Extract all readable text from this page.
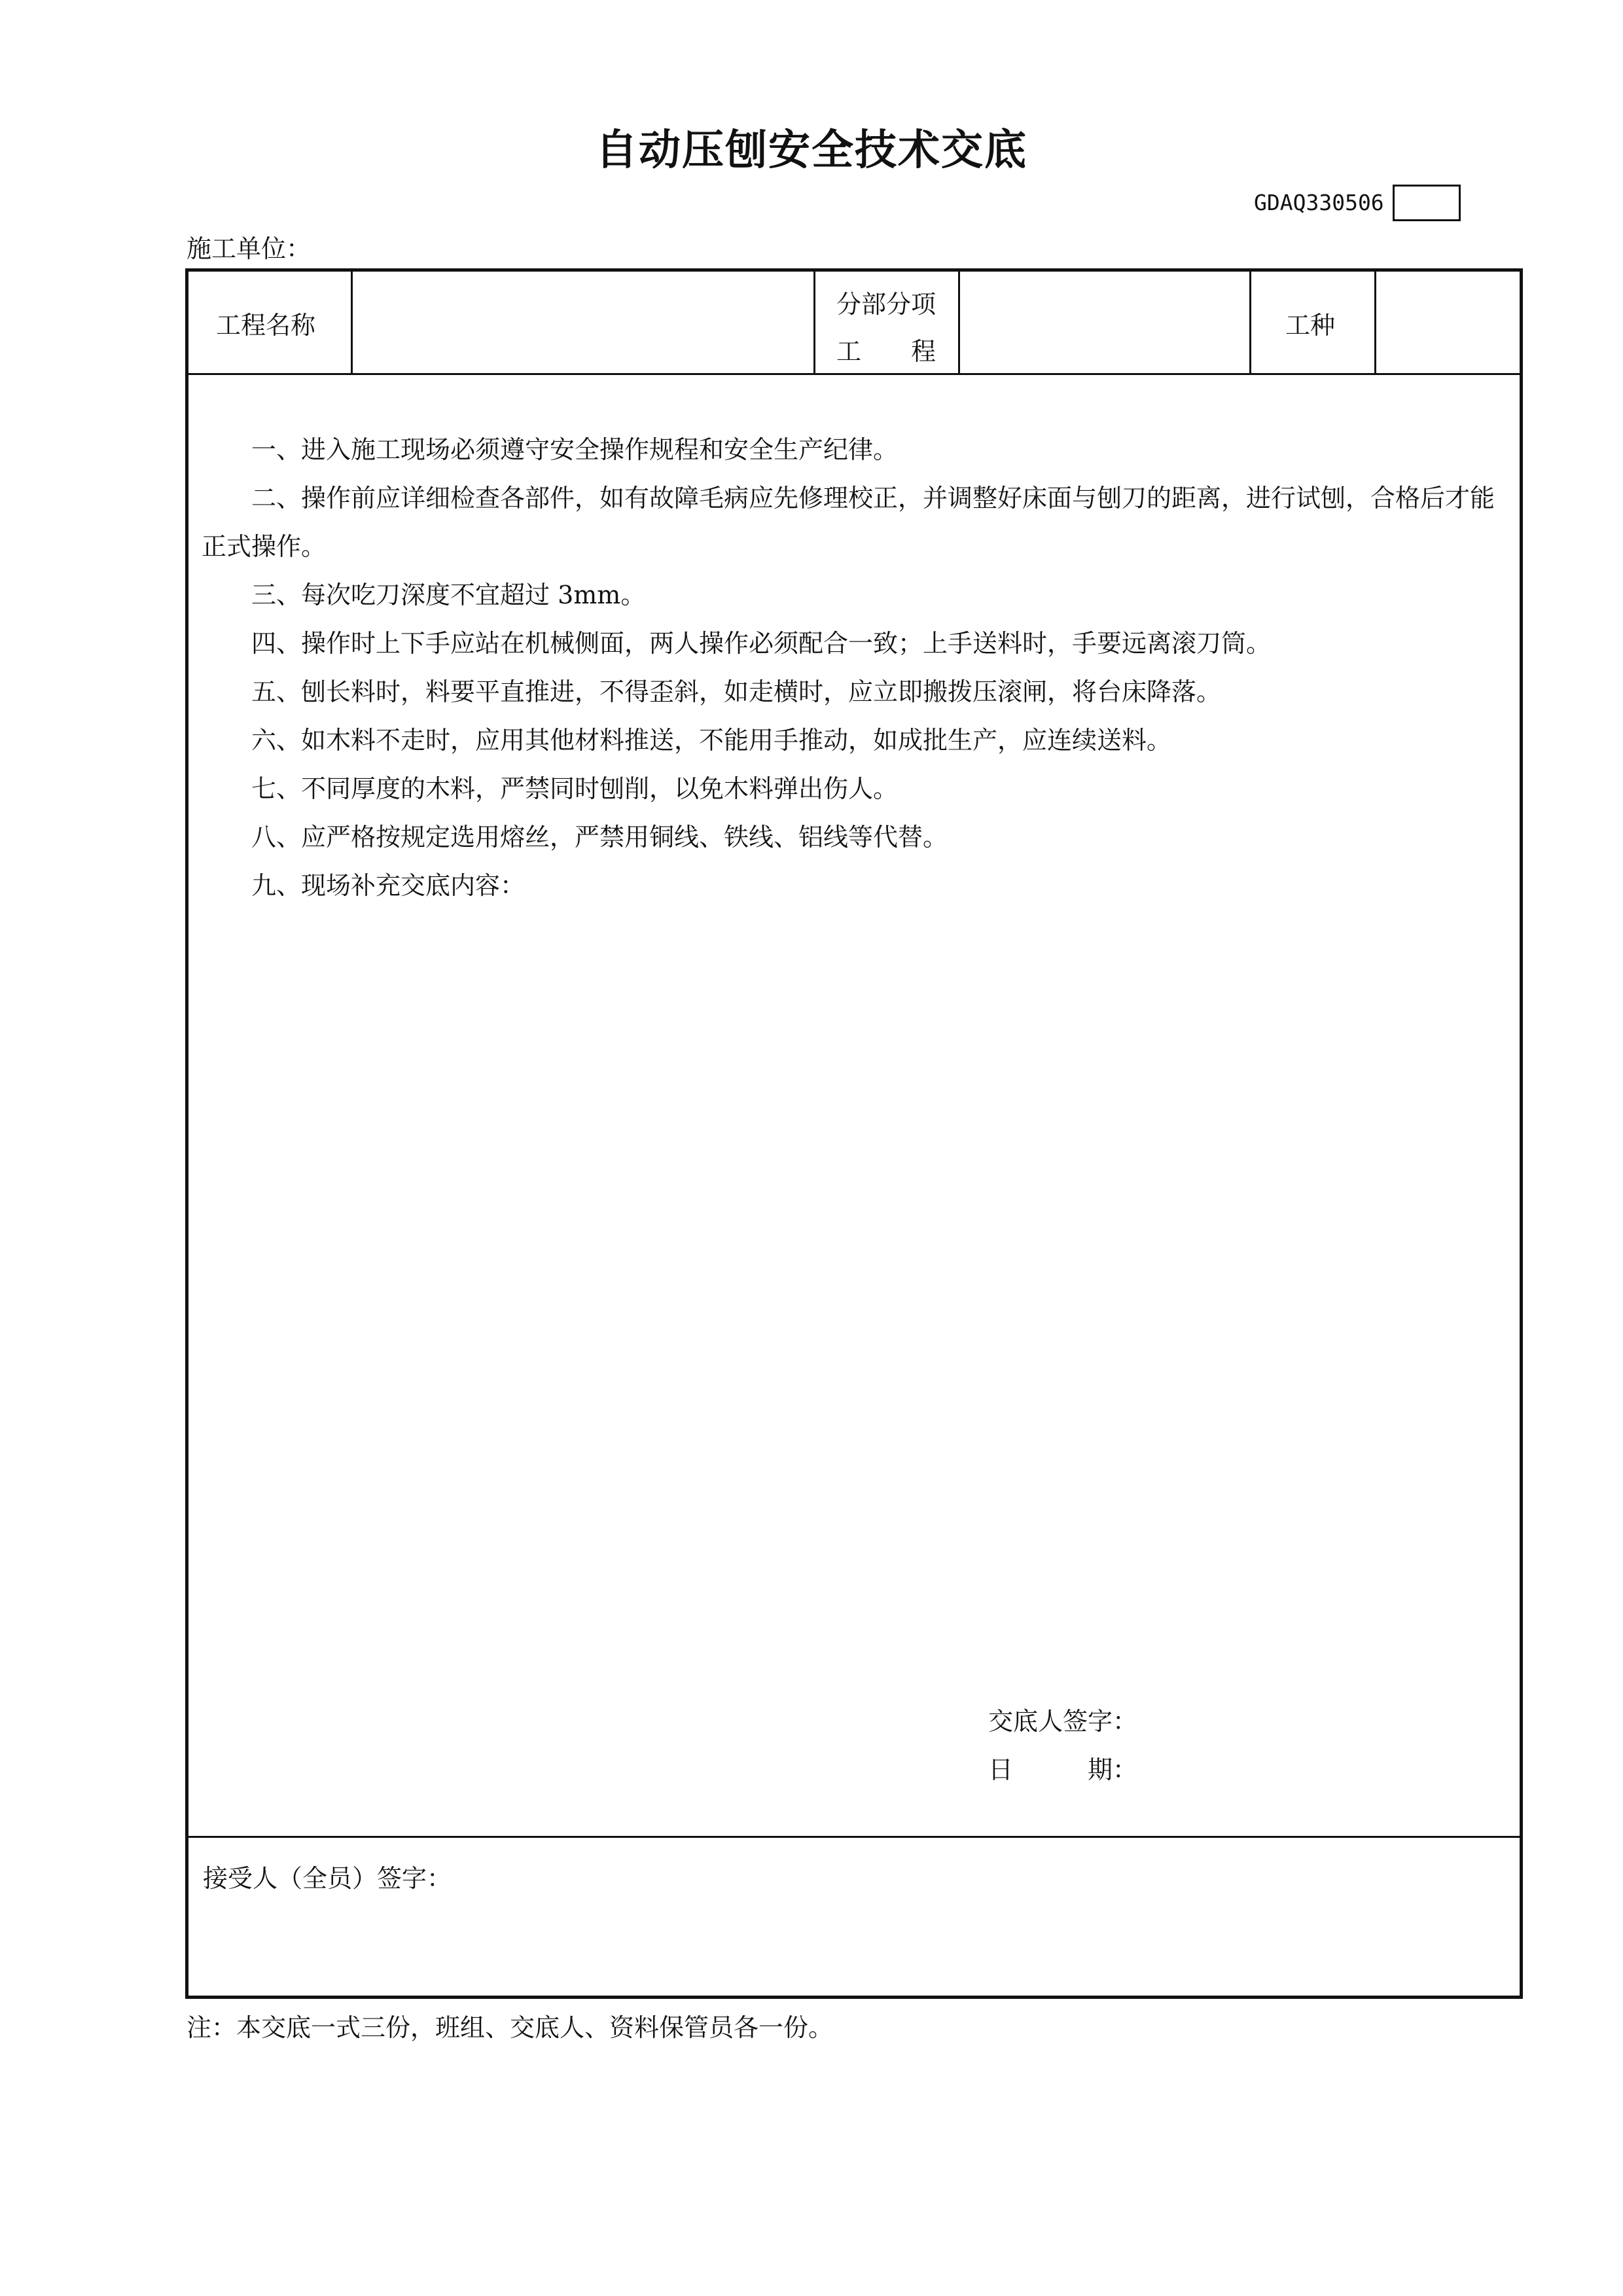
自动压刨安全技术交底
GDAQ330506
施工单位：
工程名称
分部分项
工　　程
工种

一、进入施工现场必须遵守安全操作规程和安全生产纪律。

二、操作前应详细检查各部件，如有故障毛病应先修理校正，并调整好床面与刨刀的距离，进行试刨，合格后才能正式操作。

三、每次吃刀深度不宜超过 3mm。

四、操作时上下手应站在机械侧面，两人操作必须配合一致；上手送料时，手要远离滚刀筒。

五、刨长料时，料要平直推进，不得歪斜，如走横时，应立即搬拨压滚闸，将台床降落。

六、如木料不走时，应用其他材料推送，不能用手推动，如成批生产，应连续送料。

七、不同厚度的木料，严禁同时刨削，以免木料弹出伤人。

八、应严格按规定选用熔丝，严禁用铜线、铁线、铝线等代替。

九、现场补充交底内容：

交底人签字：
日　　　期：
接受人（全员）签字：
注：本交底一式三份，班组、交底人、资料保管员各一份。
